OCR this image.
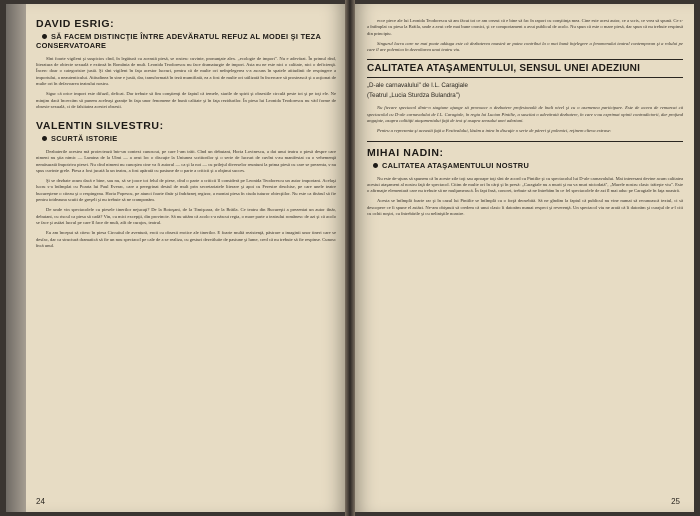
DAVID ESRIG:
SĂ FACEM DISTINCŢIE ÎNTRE ADEVĂRATUL REFUZ AL MODEI ŞI TEZA CONSERVATOARE

Sînt foarte vigilent şi suspicios cînd, în legătură cu această piesă, se rostesc cuvinte, pronunţate alex. „ecologie de import". Nu e adevărat. În primul rînd, literatura de obiecte sexuală e extinsă în România de mult. Leonida Teodorescu nu face dramaturgie de import. Asta nu ne este nici o calitate, nici o deficienţă. Încerc doar o categorisire justă. Şi sînt vigilent în faţa acestor lucruri, pentru că de multe ori neînţelegerea s-a ascuns în spatele atitudinii de respingere a importului, a neautenticului. Atitudinea în sine e justă, dar, transformată în teză mumifiată, ea a fost de multe ori utilizată în încercare să prostească şi a acţionat de multe ori în defavoarea teatrului nostru.

Sigur că orice import este difuzil, deficat. Dar trebuie să fim conştienţi de faptul că temele, starile de spirit şi obsesiile circulă peste tot şi pe toţi ele. Ne minţim dacă încercăm să punem aceleaşi granițe în faţa unor fenomene de bună calitate şi în faţa rezidurilor. În piesa lui Leonida Teodorescu nu văd forme de obsesie sexuală, ci de falsitatea acestei obsesii.

VALENTIN SILVESTRU:
SCURTĂ ISTORIE

Dezbaterile acestea mă proiectează într-un context cunoscut, pe care l-am trăit. Cînd un debutant, Horia Lovinescu, a dat unui teatru o piesă despre care nimeni nu ştia nimic — Lumina de la Ulmi — a avut loc o discuţie la Uniunea scriitorilor şi o serie de lucruri de cuvînt s-au manifestat cu o vehemenţă nemăsurată împotriva piesei. Nu cînd nimeni nu cunoştea cine va fi autorul — ca şi la noi — cu prilejul diverselor reuniuni la prima piesă cu care se prezenta, s-au spus cuvinte grele. Piesa a fost jucată la un teatru, a fost apărată cu pasiune de o parte a criticii şi a obţinut succes.

Şi se dezbate acum dacă e bine, sau nu, să se joace tot felul de piese, cînd o parte a criticii îl consideră pe Leonida Teodorescu un autor important. Acelaşi lucru s-a întîmplat cu Poarta lui Paul Everac, care a peregrinat destul de mult prin secretariatele literare şi apoi cu Ferestre deschise, pe care unele teatre bucureştene o citeau şi o respingeau. Horia Popescu, pe atunci foarte tînăr şi îndrăzneţ regizor, a montat piesa în ciuda tuturor obiecţiilor. Nu este ca tînărul să fie pentru totdeauna scutit de greşeli şi nu trebuie să ne cramponăm.

De unde vin spectacolele cu piesele tinerilor nejucaţi? De la Botoşani, de la Timişoara, de la Brăila. Ce teatru din Bucureşti a prezentat un autor tînăr, debutant, cu riscul ca piesa să cadă? Vin, cu mici excepţii, din provincie. Să nu uităm că acolo s-a născut regia, o mare parte a teatrului românesc de azi şi că acolo se face şi astăzi lucrul pe care îl face de mult, atît de curajos, teatrul.

Eu am început să citesc în piesa Circuitul de aventură, eroii cu obsesii erotice ale tinerilor. E foarte multă rezistenţă, păstrare a imaginii unor tineri care se desfac, dar ca structură dramatică să fie un nou spectacol pe cale de a se realiza, cu gesturi dezvăluite de pasiune şi lume, cred că nu trebuie să fie respinse. Cunosc încă unul.

24

ecce piece ale lui Leonida Teodorescu să am făcut tot ce am crezut că e bine să fac în raport cu conştiinţa mea. Cine este acest autor, ce a scris, ce vrea să spună. Ce s-a întîmplat cu piesa la Brăila, unde a avut cele mai bune cronici, şi ce comportament a avut publicul de acolo. Nu spun că este o mare piesă, dar spun că nu trebuie respinsă din principiu.

Singurul lucru care ne mai poate adăuga este că dezbaterea noastră ar putea contribui la o mai bună înţelegere a fenomenului teatral contemporan şi a rolului pe care îl are polemica în dezvoltarea unui teatru viu.

CALITATEA ATAŞAMENTULUI, SENSUL UNEI ADEZIUNI
„D-ale carnavalului" de I.L. Caragiale
(Teatrul „Lucia Sturdza Bulandra")

Nu fiecare spectacol dintr-o stagiune ajunge să provoace o dezbatere profesională de înalt nivel şi cu o asemenea participare. Este de aceea de remarcat că spectacolul cu D-ale carnavalului de I.L. Caragiale, în regia lui Lucian Pintilie, a suscitat o adevărată dezbatere, în care s-au exprimat opinii contradictorii, dar profund angajate, asupra calităţii ataşamentului faţă de text şi asupra sensului unei adeziuni.

Pentru a reprezenta şi această faţă a Festivalului, lăsăm a intra în discuţie o serie de păreri şi polemici, reţinem cîteva extrase:

MIHAI NADIN:
CALITATEA ATAŞAMENTULUI NOSTRU

Nu este de-ajuns să spunem că în aceste zile toţi sau aproape toţi sînt de acord cu Pintilie şi cu spectacolul lui D-ale carnavalului. Mai interesant devine acum calitatea acestui ataşament al nostru faţă de spectacol. Citim de multe ori în cărţi şi în presă: „Caragiale nu a murit şi nu va muri niciodată", „Marele nostru clasic trăieşte viu". Este o afirmaţie elementară care nu trebuie să ne mulţumească. În fapt însă, concret, trebuie să ne întrebăm în ce fel spectacolele de azi îl mai aduc pe Caragiale în faţa noastră.

Acesta se întîmplă foarte rar şi în cazul lui Pintilie se întîmplă cu o forţă deosebită. Să ne gîndim la faptul că publicul nu vine numai să recunoască textul, ci să descopere ce îi spune el astăzi. Ne-am obişnuit să credem că unui clasic îi datorăm numai respect şi reverenţă. Un spectacol viu ne arată că îi datorăm şi curajul de a-l citi cu ochii noştri, cu întrebările şi cu neliniştile noastre.

25
